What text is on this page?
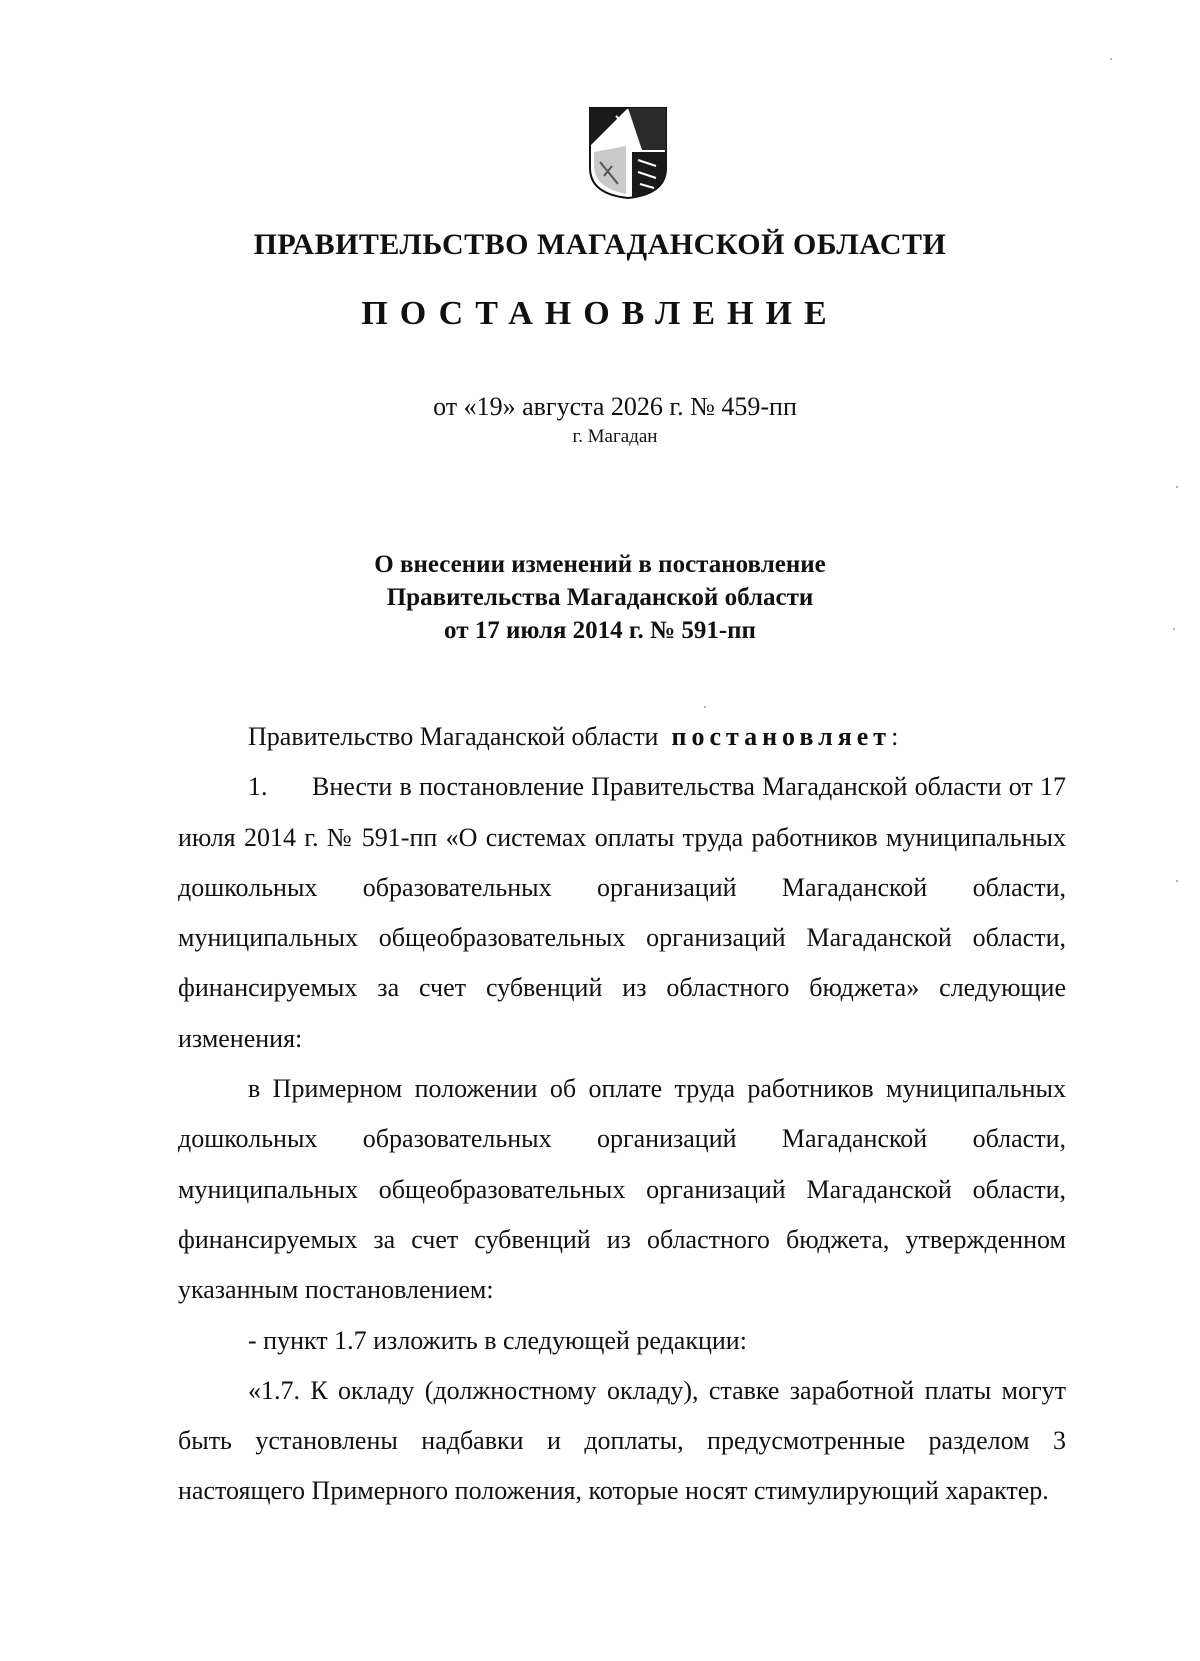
ПРАВИТЕЛЬСТВО МАГАДАНСКОЙ ОБЛАСТИ
ПОСТАНОВЛЕНИЕ
от «19» августа 2026 г. № 459-пп
г. Магадан
О внесении изменений в постановление
Правительства Магаданской области
от 17 июля 2014 г. № 591-пп

Правительство Магаданской области постановляет:

1. Внести в постановление Правительства Магаданской области от 17 июля 2014 г. № 591-пп «О системах оплаты труда работников муниципальных дошкольных образовательных организаций Магаданской области, муниципальных общеобразовательных организаций Магаданской области, финансируемых за счет субвенций из областного бюджета» следующие изменения:

в Примерном положении об оплате труда работников муниципальных дошкольных образовательных организаций Магаданской области, муниципальных общеобразовательных организаций Магаданской области, финансируемых за счет субвенций из областного бюджета, утвержденном указанным постановлением:

- пункт 1.7 изложить в следующей редакции:

«1.7. К окладу (должностному окладу), ставке заработной платы могут быть установлены надбавки и доплаты, предусмотренные разделом 3 настоящего Примерного положения, которые носят стимулирующий характер.
